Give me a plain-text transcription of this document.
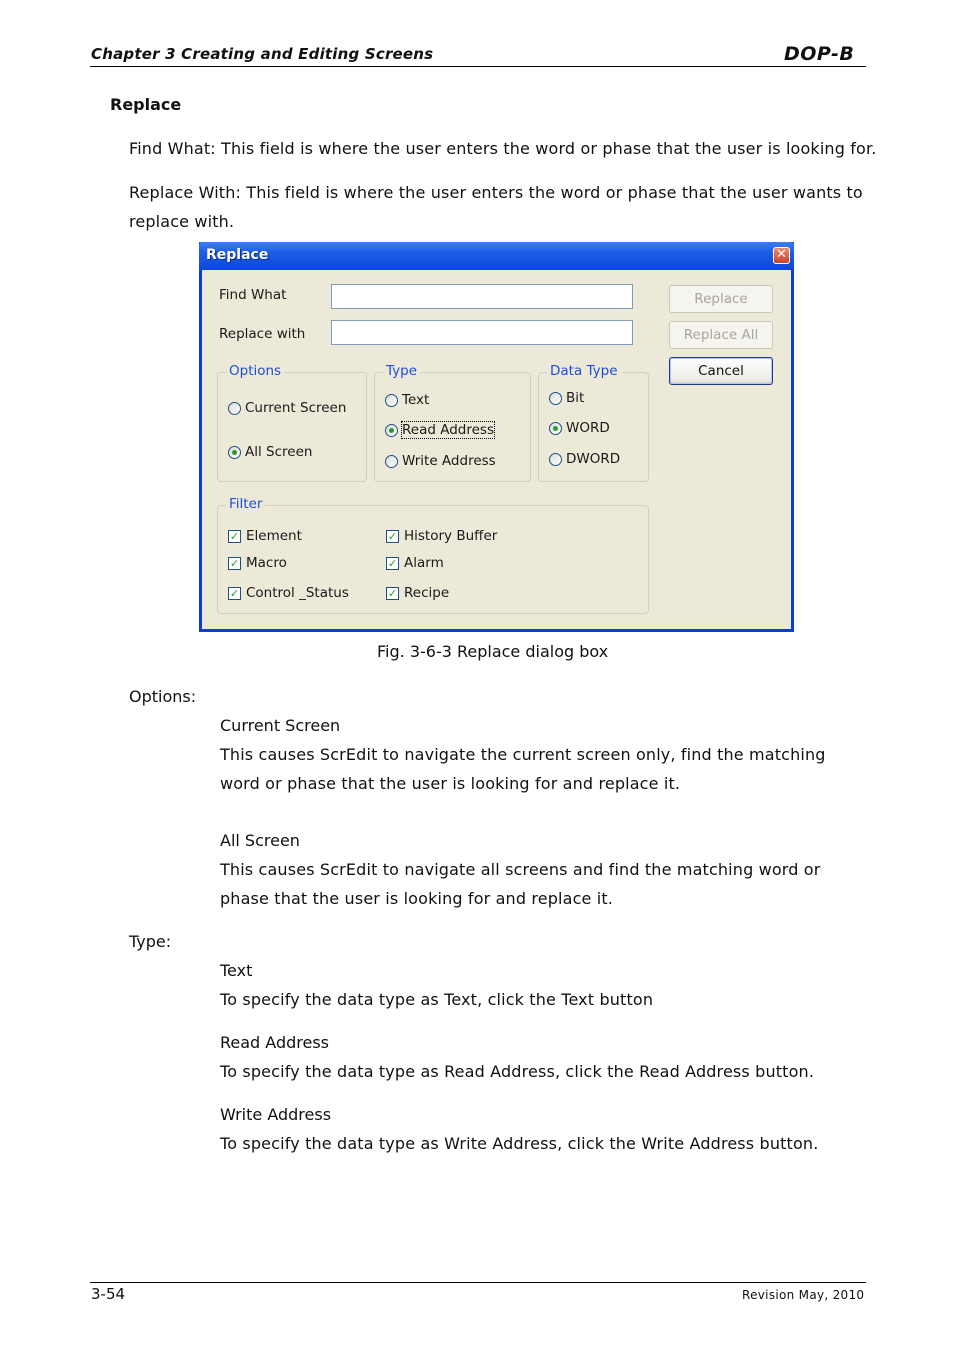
Chapter 3 Creating and Editing Screens	DOP-B
Replace
Find What: This field is where the user enters the word or phase that the user is looking for.
Replace With: This field is where the user enters the word or phase that the user wants to replace with.
Replace	✕
Find What
Replace with
Replace
Replace All
Cancel
Options
Current Screen
All Screen
Type
Text
Read Address
Write Address
Data Type
Bit
WORD
DWORD
Filter
✓ Element	✓ History Buffer
✓ Macro	✓ Alarm
✓ Control _Status	✓ Recipe
Fig. 3-6-3 Replace dialog box
Options:
Current Screen
This causes ScrEdit to navigate the current screen only, find the matching word or phase that the user is looking for and replace it.
All Screen
This causes ScrEdit to navigate all screens and find the matching word or phase that the user is looking for and replace it.
Type:
Text
To specify the data type as Text, click the Text button
Read Address
To specify the data type as Read Address, click the Read Address button.
Write Address
To specify the data type as Write Address, click the Write Address button.
3-54	Revision May, 2010
